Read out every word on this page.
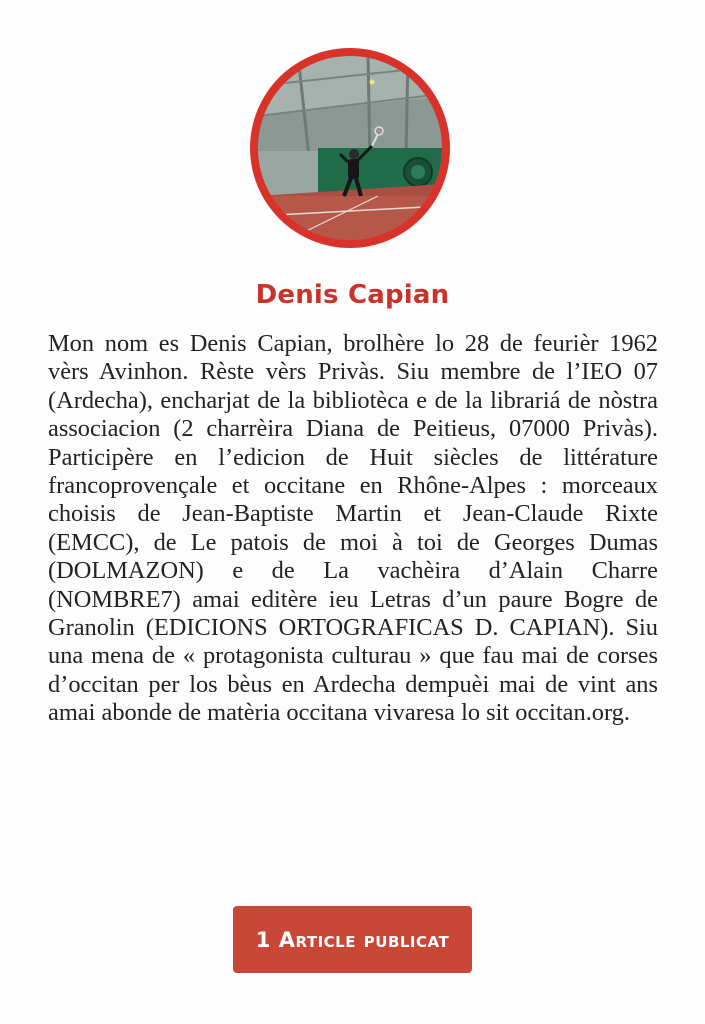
Denis Capian

Mon nom es Denis Capian, brolhère lo 28 de feurièr 1962 vèrs Avinhon. Rèste vèrs Privàs. Siu membre de l’IEO 07 (Ardecha), encharjat de la bibliotèca e de la librariá de nòstra associacion (2 charrèira Diana de Peitieus, 07000 Privàs). Participère en l’edicion de Huit siècles de littérature francoprovençale et occitane en Rhône-Alpes : morceaux choisis de Jean-Baptiste Martin et Jean-Claude Rixte (EMCC), de Le patois de moi à toi de Georges Dumas (DOLMAZON) e de La vachèira d’Alain Charre (NOMBRE7) amai editère ieu Letras d’un paure Bogre de Granolin (EDICIONS ORTOGRAFICAS D. CAPIAN). Siu una mena de « protagonista culturau » que fau mai de corses d’occitan per los bèus en Ardecha dempuèi mai de vint ans amai abonde de matèria occitana vivaresa lo sit occitan.org.

1 Article publicat
